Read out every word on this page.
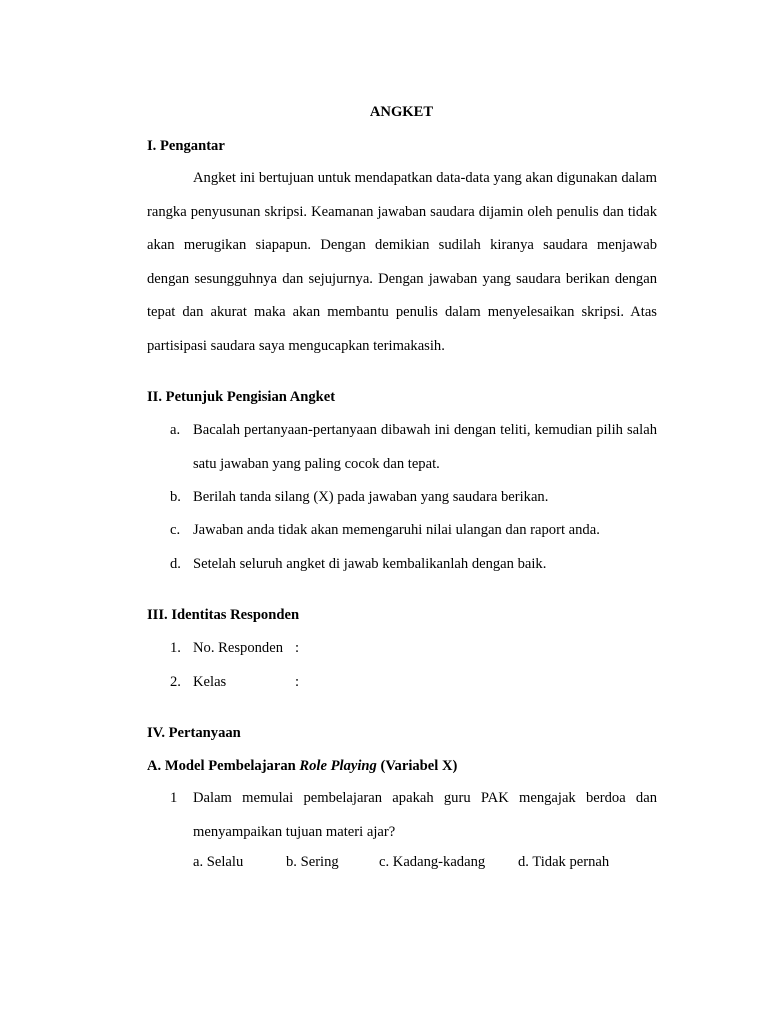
ANGKET
I. Pengantar
Angket ini bertujuan untuk mendapatkan data-data yang akan digunakan dalam rangka penyusunan skripsi. Keamanan jawaban saudara dijamin oleh penulis dan tidak akan merugikan siapapun. Dengan demikian sudilah kiranya saudara menjawab dengan sesungguhnya dan sejujurnya. Dengan jawaban yang saudara berikan dengan tepat dan akurat maka akan membantu penulis dalam menyelesaikan skripsi. Atas partisipasi saudara saya mengucapkan terimakasih.
II. Petunjuk Pengisian Angket
a. Bacalah pertanyaan-pertanyaan dibawah ini dengan teliti, kemudian pilih salah satu jawaban yang paling cocok dan tepat.
b. Berilah tanda silang (X) pada jawaban yang saudara berikan.
c. Jawaban anda tidak akan memengaruhi nilai ulangan dan raport anda.
d. Setelah seluruh angket di jawab kembalikanlah dengan baik.
III. Identitas Responden
1. No. Responden :
2. Kelas	:
IV. Pertanyaan
A. Model Pembelajaran Role Playing (Variabel X)
1 Dalam memulai pembelajaran apakah guru PAK mengajak berdoa dan menyampaikan tujuan materi ajar?
a. Selalu	b. Sering	c. Kadang-kadang d. Tidak pernah
